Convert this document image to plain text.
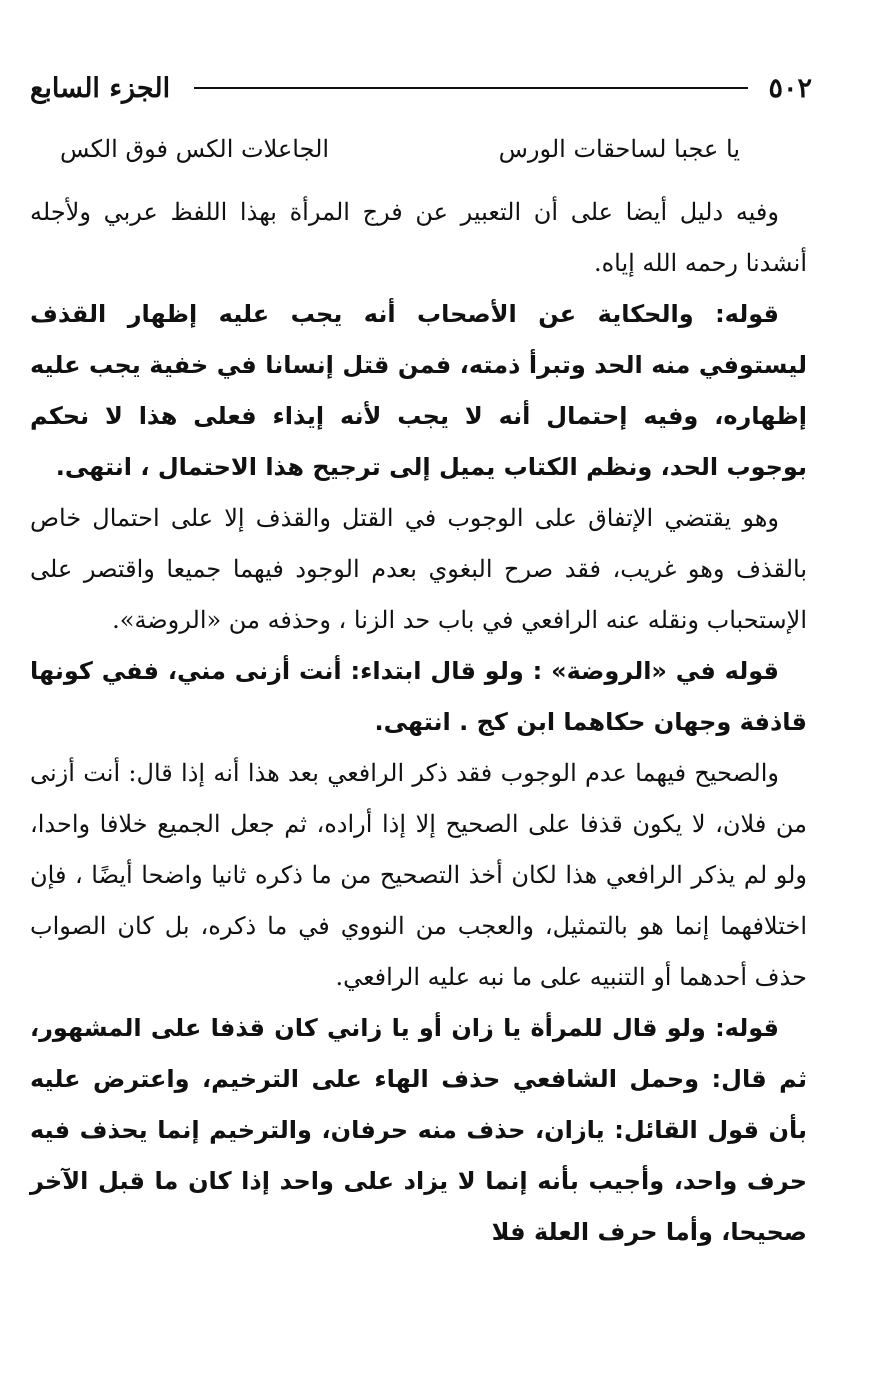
٥٠٢
الجزء السابع
يا عجبا لساحقات الورس
الجاعلات الكس فوق الكس

وفيه دليل أيضا على أن التعبير عن فرج المرأة بهذا اللفظ عربي ولأجله أنشدنا رحمه الله إياه.

قوله: والحكاية عن الأصحاب أنه يجب عليه إظهار القذف ليستوفي منه الحد وتبرأ ذمته، فمن قتل إنسانا في خفية يجب عليه إظهاره، وفيه إحتمال أنه لا يجب لأنه إيذاء فعلى هذا لا نحكم بوجوب الحد، ونظم الكتاب يميل إلى ترجيح هذا الاحتمال ، انتهى.

وهو يقتضي الإتفاق على الوجوب في القتل والقذف إلا على احتمال خاص بالقذف وهو غريب، فقد صرح البغوي بعدم الوجود فيهما جميعا واقتصر على الإستحباب ونقله عنه الرافعي في باب حد الزنا ، وحذفه من «الروضة».

قوله في «الروضة» : ولو قال ابتداء: أنت أزنى مني، ففي كونها قاذفة وجهان حكاهما ابن كج . انتهى.

والصحيح فيهما عدم الوجوب فقد ذكر الرافعي بعد هذا أنه إذا قال: أنت أزنى من فلان، لا يكون قذفا على الصحيح إلا إذا أراده، ثم جعل الجميع خلافا واحدا، ولو لم يذكر الرافعي هذا لكان أخذ التصحيح من ما ذكره ثانيا واضحا أيضًا ، فإن اختلافهما إنما هو بالتمثيل، والعجب من النووي في ما ذكره، بل كان الصواب حذف أحدهما أو التنبيه على ما نبه عليه الرافعي.

قوله: ولو قال للمرأة يا زان أو يا زاني كان قذفا على المشهور، ثم قال: وحمل الشافعي حذف الهاء على الترخيم، واعترض عليه بأن قول القائل: يازان، حذف منه حرفان، والترخيم إنما يحذف فيه حرف واحد، وأجيب بأنه إنما لا يزاد على واحد إذا كان ما قبل الآخر صحيحا، وأما حرف العلة فلا
